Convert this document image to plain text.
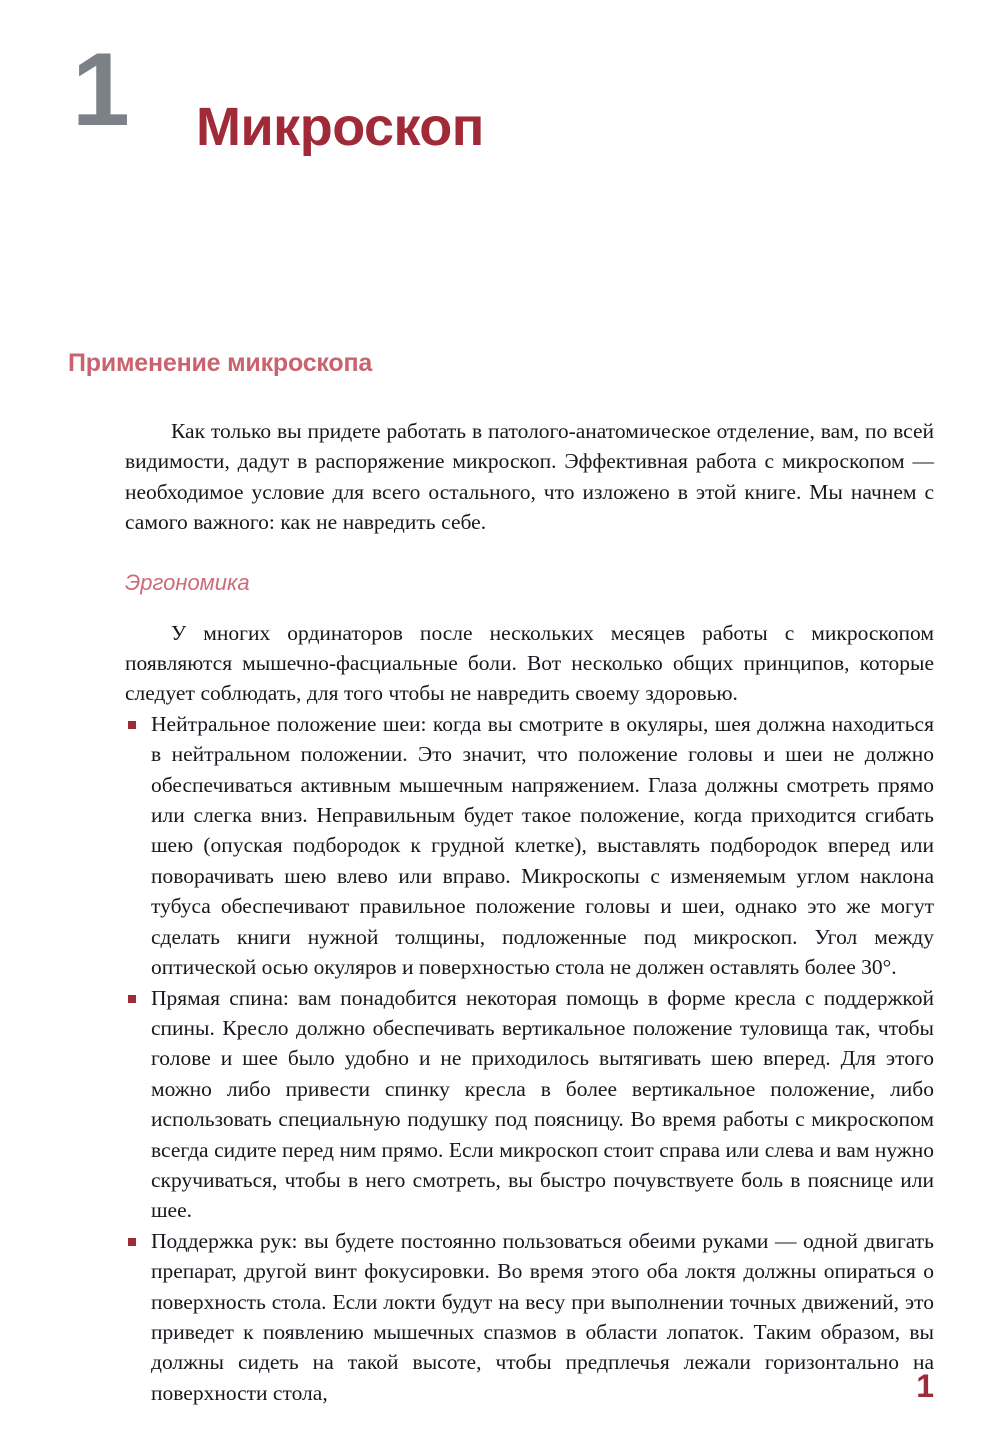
1 Микроскоп
Применение микроскопа

Как только вы придете работать в патолого-анатомическое отделение, вам, по всей видимости, дадут в распоряжение микроскоп. Эффективная работа с микроскопом — необходимое условие для всего остального, что изложено в этой книге. Мы начнем с самого важного: как не навредить себе.

Эргономика

У многих ординаторов после нескольких месяцев работы с микроскопом появляются мышечно-фасциальные боли. Вот несколько общих принципов, которые следует соблюдать, для того чтобы не навредить своему здоровью.

Нейтральное положение шеи: когда вы смотрите в окуляры, шея должна находиться в нейтральном положении. Это значит, что положение головы и шеи не должно обеспечиваться активным мышечным напряжением. Глаза должны смотреть прямо или слегка вниз. Неправильным будет такое положение, когда приходится сгибать шею (опуская подбородок к грудной клетке), выставлять подбородок вперед или поворачивать шею влево или вправо. Микроскопы с изменяемым углом наклона тубуса обеспечивают правильное положение головы и шеи, однако это же могут сделать книги нужной толщины, подложенные под микроскоп. Угол между оптической осью окуляров и поверхностью стола не должен оставлять более 30°.
Прямая спина: вам понадобится некоторая помощь в форме кресла с поддержкой спины. Кресло должно обеспечивать вертикальное положение туловища так, чтобы голове и шее было удобно и не приходилось вытягивать шею вперед. Для этого можно либо привести спинку кресла в более вертикальное положение, либо использовать специальную подушку под поясницу. Во время работы с микроскопом всегда сидите перед ним прямо. Если микроскоп стоит справа или слева и вам нужно скручиваться, чтобы в него смотреть, вы быстро почувствуете боль в пояснице или шее.
Поддержка рук: вы будете постоянно пользоваться обеими руками — одной двигать препарат, другой винт фокусировки. Во время этого оба локтя должны опираться о поверхность стола. Если локти будут на весу при выполнении точных движений, это приведет к появлению мышечных спазмов в области лопаток. Таким образом, вы должны сидеть на такой высоте, чтобы предплечья лежали горизонтально на поверхности стола,	1
